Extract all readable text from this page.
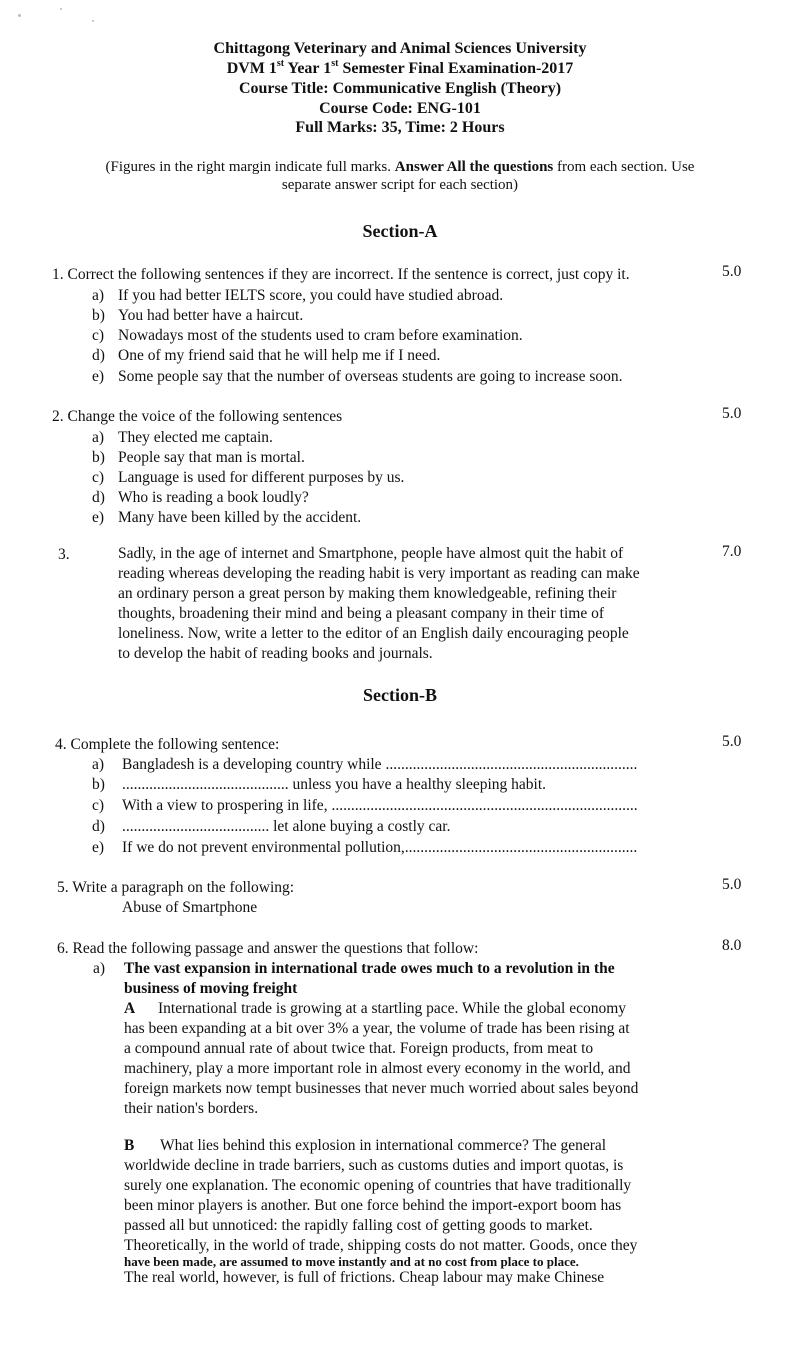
Chittagong Veterinary and Animal Sciences University
DVM 1st Year 1st Semester Final Examination-2017
Course Title: Communicative English (Theory)
Course Code: ENG-101
Full Marks: 35, Time: 2 Hours
(Figures in the right margin indicate full marks. Answer All the questions from each section. Use
separate answer script for each section)
Section-A
1. Correct the following sentences if they are incorrect. If the sentence is correct, just copy it.	5.0
a) If you had better IELTS score, you could have studied abroad.
b) You had better have a haircut.
c) Nowadays most of the students used to cram before examination.
d) One of my friend said that he will help me if I need.
e) Some people say that the number of overseas students are going to increase soon.
2. Change the voice of the following sentences	5.0
a) They elected me captain.
b) People say that man is mortal.
c) Language is used for different purposes by us.
d) Who is reading a book loudly?
e) Many have been killed by the accident.
3.	7.0
Sadly, in the age of internet and Smartphone, people have almost quit the habit of
reading whereas developing the reading habit is very important as reading can make
an ordinary person a great person by making them knowledgeable, refining their
thoughts, broadening their mind and being a pleasant company in their time of
loneliness. Now, write a letter to the editor of an English daily encouraging people
to develop the habit of reading books and journals.
Section-B
4. Complete the following sentence:	5.0
a) Bangladesh is a developing country while .................................................................
b) ........................................... unless you have a healthy sleeping habit.
c) With a view to prospering in life, ...............................................................................
d) ...................................... let alone buying a costly car.
e) If we do not prevent environmental pollution,............................................................
5. Write a paragraph on the following:	5.0
Abuse of Smartphone
6. Read the following passage and answer the questions that follow:	8.0
a) The vast expansion in international trade owes much to a revolution in the
business of moving freight
A International trade is growing at a startling pace. While the global economy
has been expanding at a bit over 3% a year, the volume of trade has been rising at
a compound annual rate of about twice that. Foreign products, from meat to
machinery, play a more important role in almost every economy in the world, and
foreign markets now tempt businesses that never much worried about sales beyond
their nation's borders.
B What lies behind this explosion in international commerce? The general
worldwide decline in trade barriers, such as customs duties and import quotas, is
surely one explanation. The economic opening of countries that have traditionally
been minor players is another. But one force behind the import-export boom has
passed all but unnoticed: the rapidly falling cost of getting goods to market.
Theoretically, in the world of trade, shipping costs do not matter. Goods, once they
have been made, are assumed to move instantly and at no cost from place to place.
The real world, however, is full of frictions. Cheap labour may make Chinese
